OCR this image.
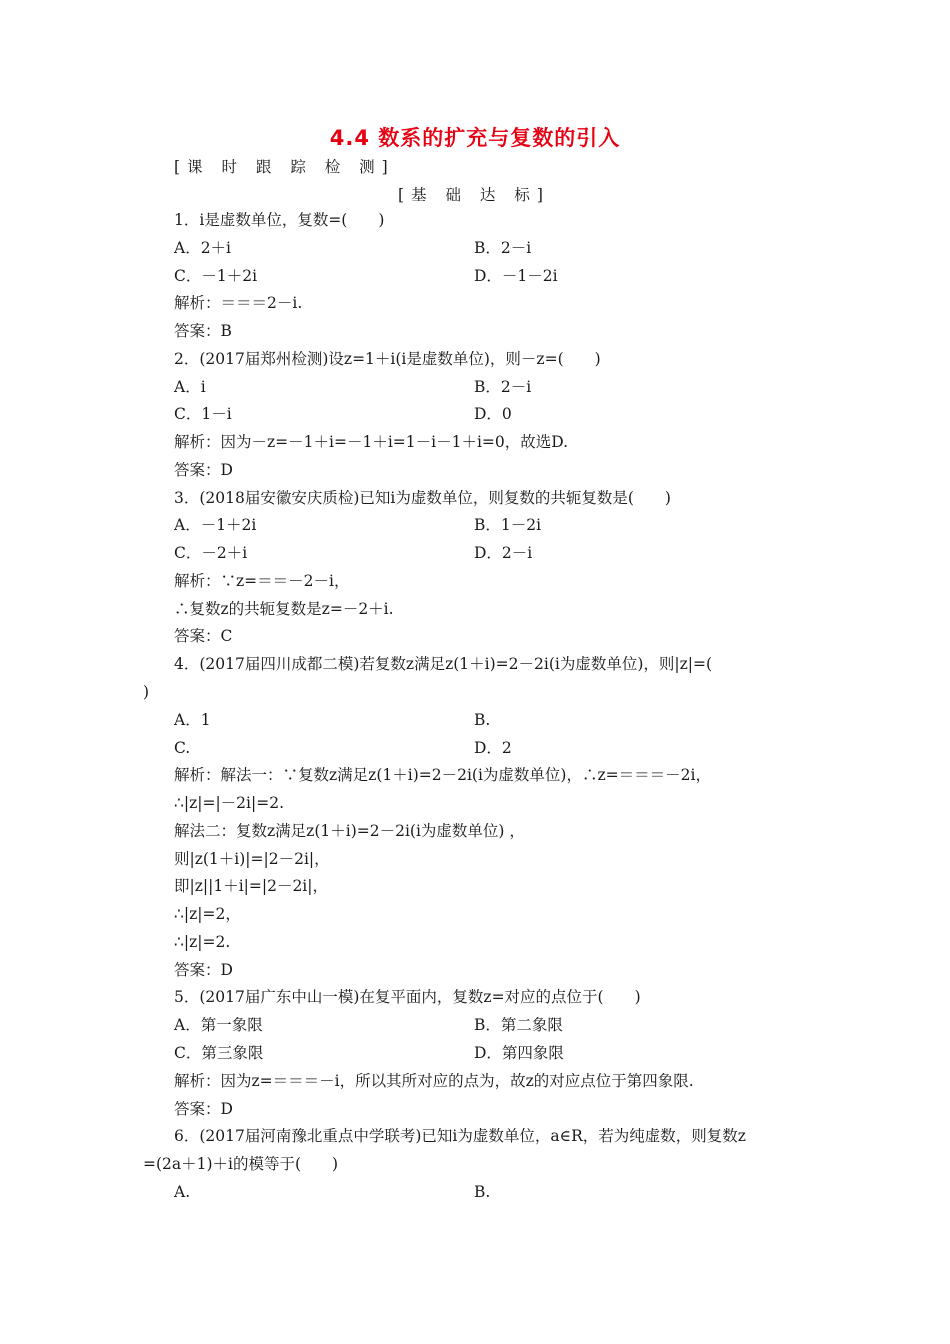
4.4 数系的扩充与复数的引入
[课 时 跟 踪 检 测]
[基 础 达 标]
1．i是虚数单位，复数=(　　)
A．2＋i	B．2－i
C．－1＋2i	D．－1－2i
解析：＝＝＝2－i.
答案：B
2．(2017届郑州检测)设z=1＋i(i是虚数单位)，则－z=(　　)
A．i	B．2－i
C．1－i	D．0
解析：因为－z=－1＋i=－1＋i=1－i－1＋i=0，故选D.
答案：D
3．(2018届安徽安庆质检)已知i为虚数单位，则复数的共轭复数是(　　)
A．－1＋2i	B．1－2i
C．－2＋i	D．2－i
解析：∵z=＝＝－2－i，
∴复数z的共轭复数是z=－2＋i.
答案：C
4．(2017届四川成都二模)若复数z满足z(1＋i)=2－2i(i为虚数单位)，则|z|=(
)
A．1	B.
C.	D．2
解析：解法一：∵复数z满足z(1＋i)=2－2i(i为虚数单位)，∴z=＝＝＝－2i，
∴|z|=|－2i|=2.
解法二：复数z满足z(1＋i)=2－2i(i为虚数单位) ，
则|z(1＋i)|=|2－2i|，
即|z||1＋i|=|2－2i|，
∴|z|=2，
∴|z|=2.
答案：D
5．(2017届广东中山一模)在复平面内，复数z=对应的点位于(　　)
A．第一象限	B．第二象限
C．第三象限	D．第四象限
解析：因为z=＝＝＝－i，所以其所对应的点为，故z的对应点位于第四象限.
答案：D
6．(2017届河南豫北重点中学联考)已知i为虚数单位，a∈R，若为纯虚数，则复数z
=(2a＋1)＋i的模等于(　　)
A.	B.
